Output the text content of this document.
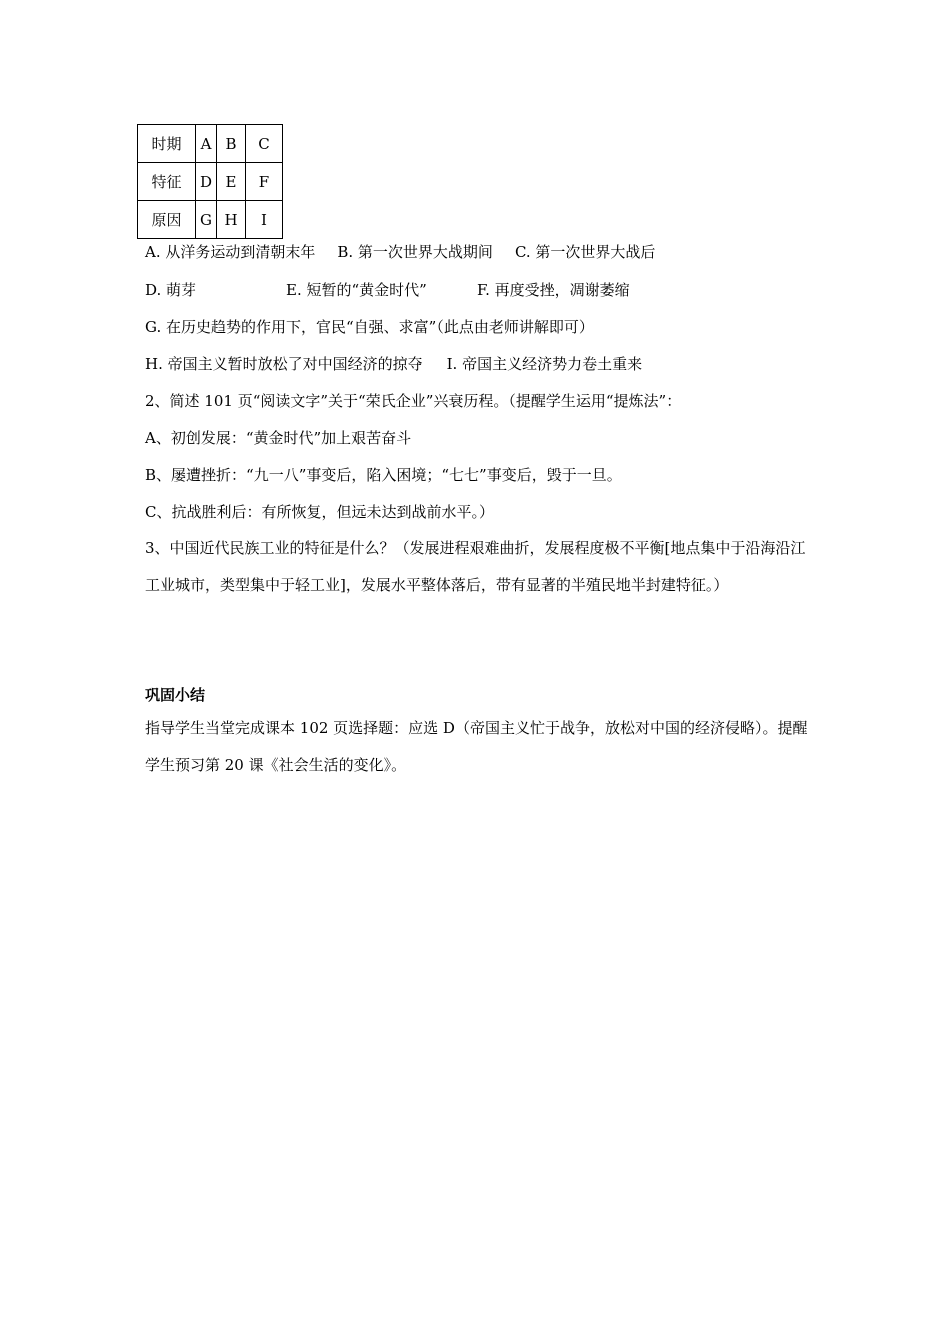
时期	A	B	C
特征	D	E	F
原因	G	H	I
A. 从洋务运动到清朝末年 B. 第一次世界大战期间 C. 第一次世界大战后
D. 萌芽	E. 短暂的“黄金时代”	F. 再度受挫，凋谢萎缩
G. 在历史趋势的作用下，官民“自强、求富”（此点由老师讲解即可）
H. 帝国主义暂时放松了对中国经济的掠夺 I. 帝国主义经济势力卷土重来
2、简述 101 页“阅读文字”关于“荣氏企业”兴衰历程。（提醒学生运用“提炼法”：
A、初创发展：“黄金时代”加上艰苦奋斗
B、屡遭挫折：“九一八”事变后，陷入困境；“七七”事变后，毁于一旦。
C、抗战胜利后：有所恢复，但远未达到战前水平。）
3、中国近代民族工业的特征是什么？（发展进程艰难曲折，发展程度极不平衡[地点集中于沿海沿江工业城市，类型集中于轻工业]，发展水平整体落后，带有显著的半殖民地半封建特征。）
巩固小结
指导学生当堂完成课本 102 页选择题：应选 D（帝国主义忙于战争，放松对中国的经济侵略）。提醒学生预习第 20 课《社会生活的变化》。
